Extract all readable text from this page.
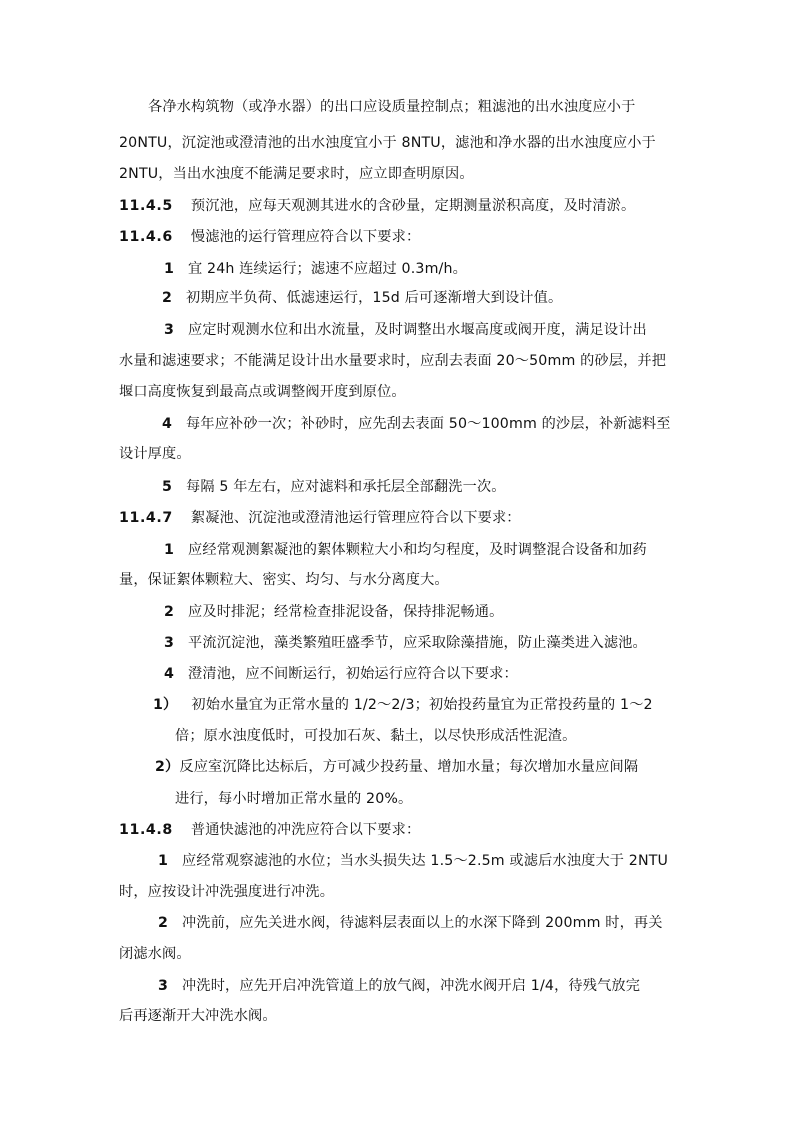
各净水构筑物（或净水器）的出口应设质量控制点；粗滤池的出水浊度应小于
20NTU，沉淀池或澄清池的出水浊度宜小于 8NTU，滤池和净水器的出水浊度应小于
2NTU，当出水浊度不能满足要求时，应立即查明原因。
11.4.5 预沉池，应每天观测其进水的含砂量，定期测量淤积高度，及时清淤。
11.4.6 慢滤池的运行管理应符合以下要求：
1 宜 24h 连续运行；滤速不应超过 0.3m/h。
2 初期应半负荷、低滤速运行，15d 后可逐渐增大到设计值。
3 应定时观测水位和出水流量，及时调整出水堰高度或阀开度，满足设计出
水量和滤速要求；不能满足设计出水量要求时，应刮去表面 20～50mm 的砂层，并把
堰口高度恢复到最高点或调整阀开度到原位。
4 每年应补砂一次；补砂时，应先刮去表面 50～100mm 的沙层，补新滤料至
设计厚度。
5 每隔 5 年左右，应对滤料和承托层全部翻洗一次。
11.4.7 絮凝池、沉淀池或澄清池运行管理应符合以下要求：
1 应经常观测絮凝池的絮体颗粒大小和均匀程度，及时调整混合设备和加药
量，保证絮体颗粒大、密实、均匀、与水分离度大。
2 应及时排泥；经常检查排泥设备，保持排泥畅通。
3 平流沉淀池，藻类繁殖旺盛季节，应采取除藻措施，防止藻类进入滤池。
4 澄清池，应不间断运行，初始运行应符合以下要求：
1） 初始水量宜为正常水量的 1/2～2/3；初始投药量宜为正常投药量的 1～2
倍；原水浊度低时，可投加石灰、黏土，以尽快形成活性泥渣。
2）反应室沉降比达标后，方可减少投药量、增加水量；每次增加水量应间隔
进行，每小时增加正常水量的 20%。
11.4.8 普通快滤池的冲洗应符合以下要求：
1 应经常观察滤池的水位；当水头损失达 1.5～2.5m 或滤后水浊度大于 2NTU
时，应按设计冲洗强度进行冲洗。
2 冲洗前，应先关进水阀，待滤料层表面以上的水深下降到 200mm 时，再关
闭滤水阀。
3 冲洗时，应先开启冲洗管道上的放气阀，冲洗水阀开启 1/4，待残气放完
后再逐渐开大冲洗水阀。
